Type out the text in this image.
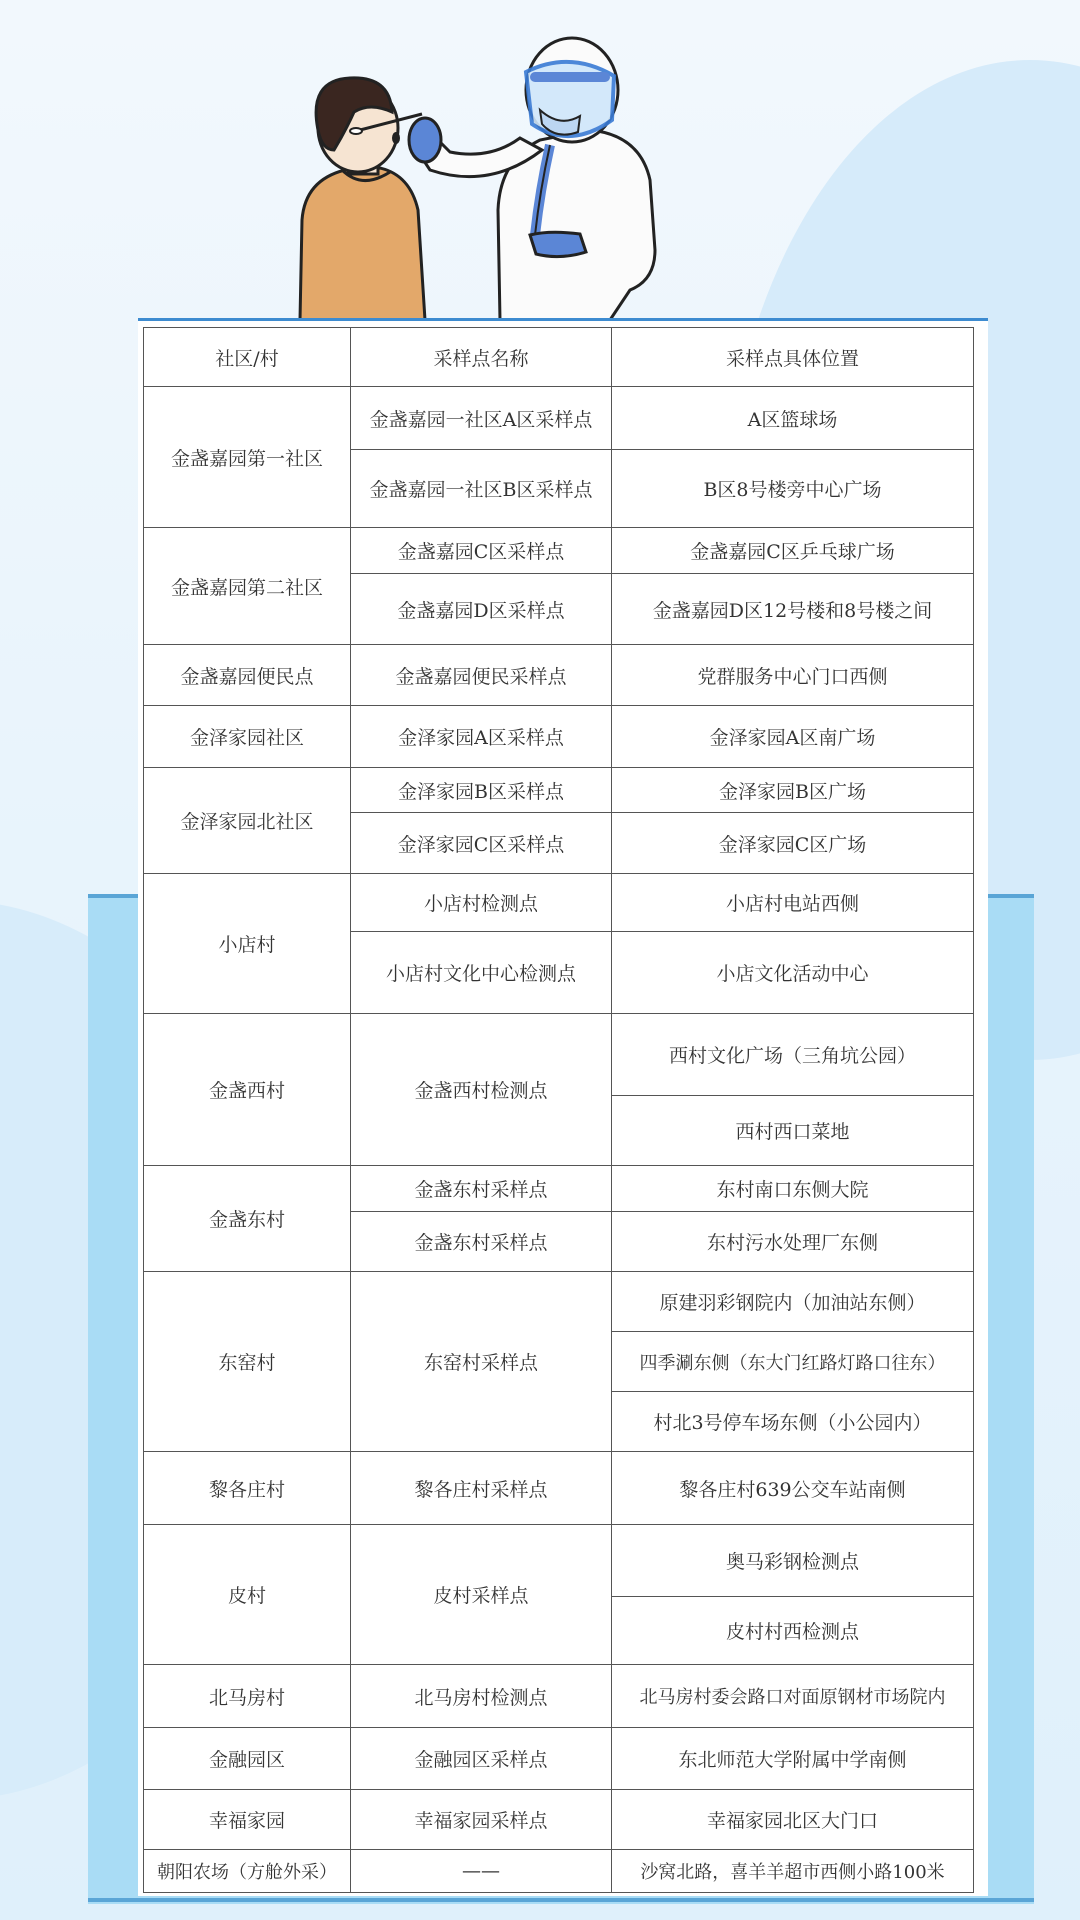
社区/村	采样点名称	采样点具体位置
金盏嘉园第一社区	金盏嘉园一社区A区采样点	A区篮球场
	金盏嘉园一社区B区采样点	B区8号楼旁中心广场
金盏嘉园第二社区	金盏嘉园C区采样点	金盏嘉园C区乒乓球广场
	金盏嘉园D区采样点	金盏嘉园D区12号楼和8号楼之间
金盏嘉园便民点	金盏嘉园便民采样点	党群服务中心门口西侧
金泽家园社区	金泽家园A区采样点	金泽家园A区南广场
金泽家园北社区	金泽家园B区采样点	金泽家园B区广场
	金泽家园C区采样点	金泽家园C区广场
小店村	小店村检测点	小店村电站西侧
	小店村文化中心检测点	小店文化活动中心
金盏西村	金盏西村检测点	西村文化广场（三角坑公园）
		西村西口菜地
金盏东村	金盏东村采样点	东村南口东侧大院
	金盏东村采样点	东村污水处理厂东侧
东窑村	东窑村采样点	原建羽彩钢院内（加油站东侧）
		四季涮东侧（东大门红路灯路口往东）
		村北3号停车场东侧（小公园内）
黎各庄村	黎各庄村采样点	黎各庄村639公交车站南侧
皮村	皮村采样点	奥马彩钢检测点
		皮村村西检测点
北马房村	北马房村检测点	北马房村委会路口对面原钢材市场院内
金融园区	金融园区采样点	东北师范大学附属中学南侧
幸福家园	幸福家园采样点	幸福家园北区大门口
朝阳农场（方舱外采）	——	沙窝北路，喜羊羊超市西侧小路100米
